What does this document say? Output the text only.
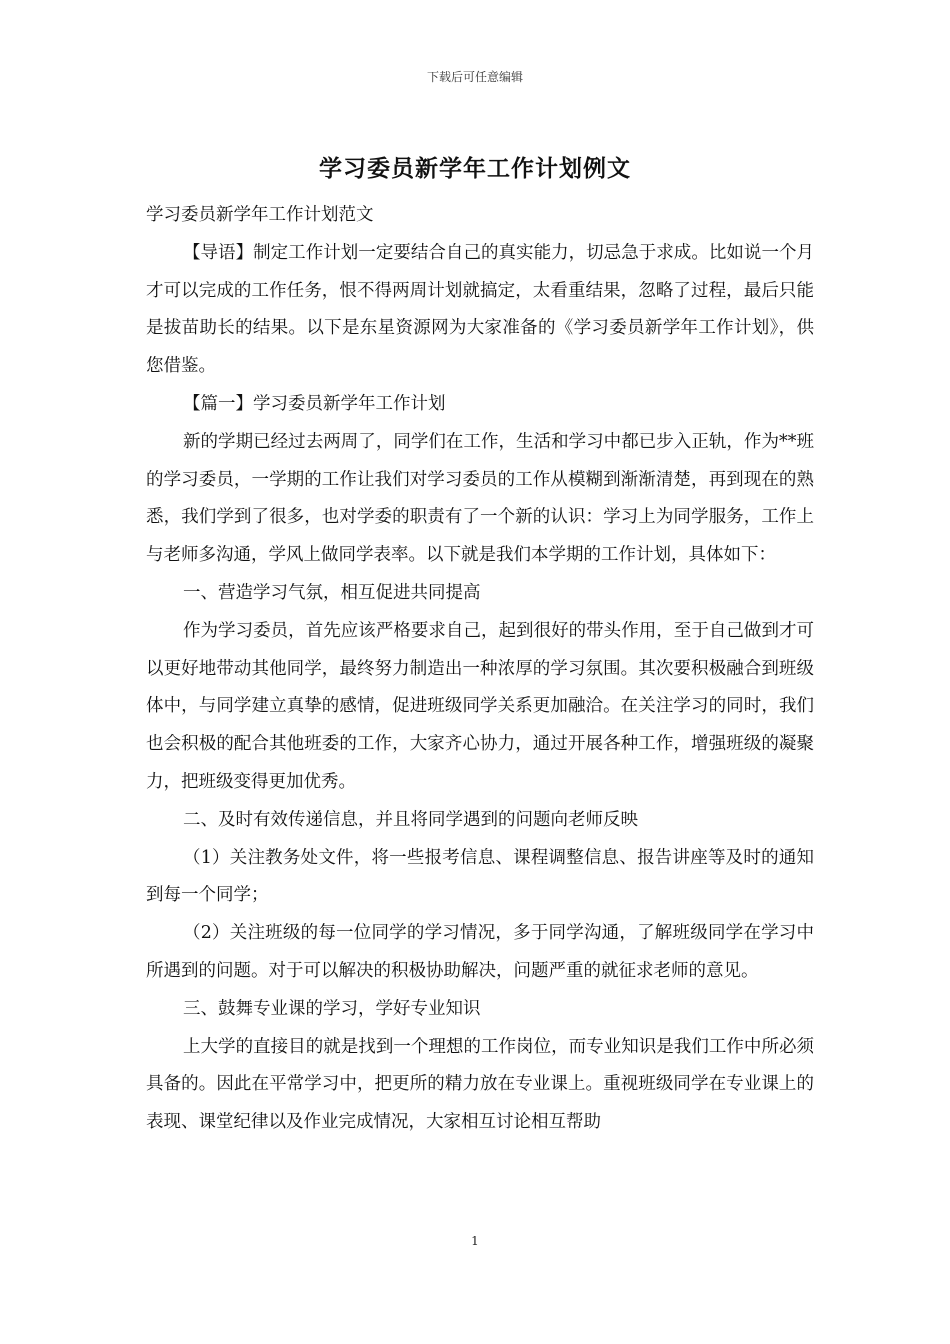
下载后可任意编辑
学习委员新学年工作计划例文

学习委员新学年工作计划范文

【导语】制定工作计划一定要结合自己的真实能力，切忌急于求成。比如说一个月才可以完成的工作任务，恨不得两周计划就搞定，太看重结果，忽略了过程，最后只能是拔苗助长的结果。以下是东星资源网为大家准备的《学习委员新学年工作计划》，供您借鉴。

【篇一】学习委员新学年工作计划

新的学期已经过去两周了，同学们在工作，生活和学习中都已步入正轨，作为**班的学习委员，一学期的工作让我们对学习委员的工作从模糊到渐渐清楚，再到现在的熟悉，我们学到了很多，也对学委的职责有了一个新的认识：学习上为同学服务，工作上与老师多沟通，学风上做同学表率。以下就是我们本学期的工作计划，具体如下：

一、营造学习气氛，相互促进共同提高

作为学习委员，首先应该严格要求自己，起到很好的带头作用，至于自己做到才可以更好地带动其他同学，最终努力制造出一种浓厚的学习氛围。其次要积极融合到班级体中，与同学建立真挚的感情，促进班级同学关系更加融洽。在关注学习的同时，我们也会积极的配合其他班委的工作，大家齐心协力，通过开展各种工作，增强班级的凝聚力，把班级变得更加优秀。

二、及时有效传递信息，并且将同学遇到的问题向老师反映

（1）关注教务处文件，将一些报考信息、课程调整信息、报告讲座等及时的通知到每一个同学；

（2）关注班级的每一位同学的学习情况，多于同学沟通，了解班级同学在学习中所遇到的问题。对于可以解决的积极协助解决，问题严重的就征求老师的意见。

三、鼓舞专业课的学习，学好专业知识

上大学的直接目的就是找到一个理想的工作岗位，而专业知识是我们工作中所必须具备的。因此在平常学习中，把更所的精力放在专业课上。重视班级同学在专业课上的表现、课堂纪律以及作业完成情况，大家相互讨论相互帮助

1
